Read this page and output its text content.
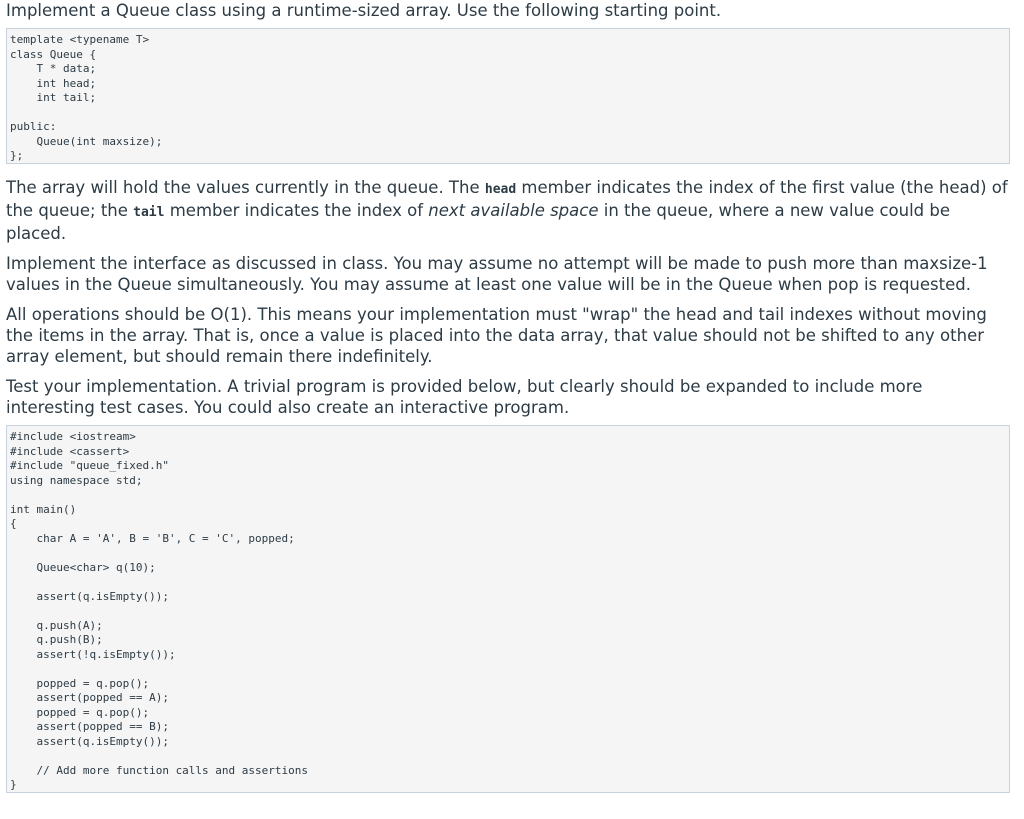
Implement a Queue class using a runtime-sized array. Use the following starting point.

template <typename T>
class Queue {
T * data;
int head;
int tail;

public:
Queue(int maxsize);
};

The array will hold the values currently in the queue. The head member indicates the index of the first value (the head) of the queue; the tail member indicates the index of next available space in the queue, where a new value could be placed.

Implement the interface as discussed in class. You may assume no attempt will be made to push more than maxsize-1 values in the Queue simultaneously. You may assume at least one value will be in the Queue when pop is requested.

All operations should be O(1). This means your implementation must "wrap" the head and tail indexes without moving the items in the array. That is, once a value is placed into the data array, that value should not be shifted to any other array element, but should remain there indefinitely.

Test your implementation. A trivial program is provided below, but clearly should be expanded to include more interesting test cases. You could also create an interactive program.

#include <iostream>
#include <cassert>
#include "queue_fixed.h"
using namespace std;

int main()
{
char A = 'A', B = 'B', C = 'C', popped;

Queue<char> q(10);

assert(q.isEmpty());

q.push(A);
q.push(B);
assert(!q.isEmpty());

popped = q.pop();
assert(popped == A);
popped = q.pop();
assert(popped == B);
assert(q.isEmpty());

// Add more function calls and assertions
}
